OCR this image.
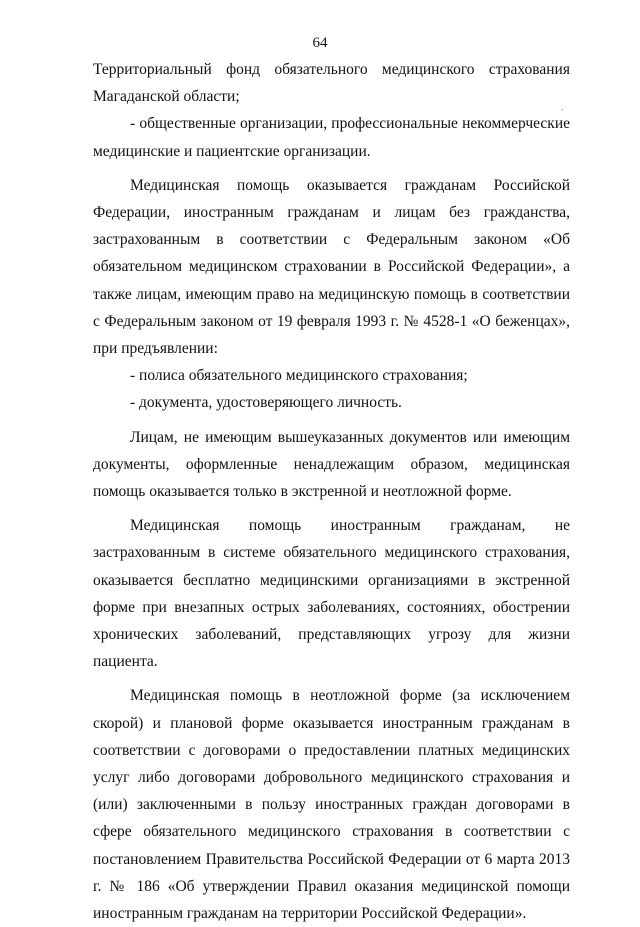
64
.

Территориальный фонд обязательного медицинского страхования Магаданской области;

- общественные организации, профессиональные некоммерческие медицинские и пациентские организации.

Медицинская помощь оказывается гражданам Российской Федерации, иностранным гражданам и лицам без гражданства, застрахованным в соответствии с Федеральным законом «Об обязательном медицинском страховании в Российской Федерации», а также лицам, имеющим право на медицинскую помощь в соответствии с Федеральным законом от 19 февраля 1993 г. № 4528-1 «О беженцах», при предъявлении:

- полиса обязательного медицинского страхования;

- документа, удостоверяющего личность.

Лицам, не имеющим вышеуказанных документов или имеющим документы, оформленные ненадлежащим образом, медицинская помощь оказывается только в экстренной и неотложной форме.

Медицинская помощь иностранным гражданам, не застрахованным в системе обязательного медицинского страхования, оказывается бесплатно медицинскими организациями в экстренной форме при внезапных острых заболеваниях, состояниях, обострении хронических заболеваний, представляющих угрозу для жизни пациента.

Медицинская помощь в неотложной форме (за исключением скорой) и плановой форме оказывается иностранным гражданам в соответствии с договорами о предоставлении платных медицинских услуг либо договорами добровольного медицинского страхования и (или) заключенными в пользу иностранных граждан договорами в сфере обязательного медицинского страхования в соответствии с постановлением Правительства Российской Федерации от 6 марта 2013 г. № 186 «Об утверждении Правил оказания медицинской помощи иностранным гражданам на территории Российской Федерации».
